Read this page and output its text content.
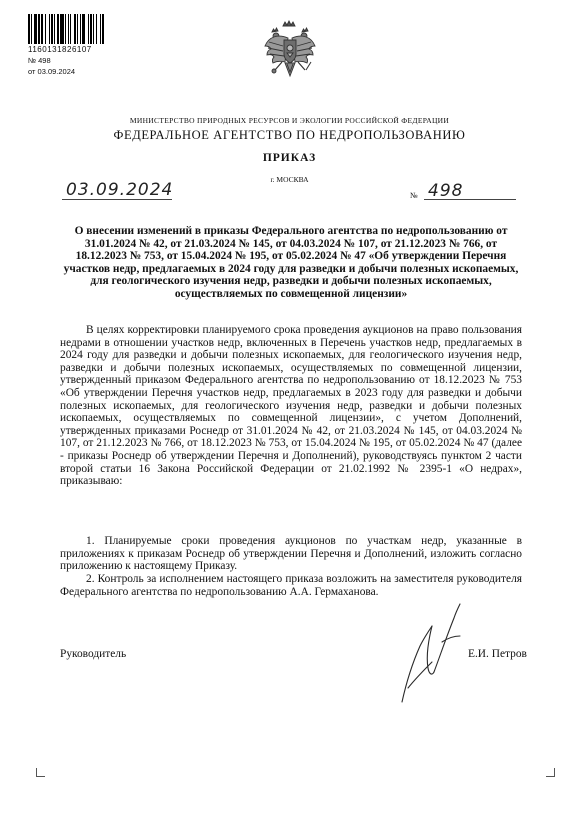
1160131826107
№ 498
от 03.09.2024
МИНИСТЕРСТВО ПРИРОДНЫХ РЕСУРСОВ И ЭКОЛОГИИ РОССИЙСКОЙ ФЕДЕРАЦИИ
ФЕДЕРАЛЬНОЕ АГЕНТСТВО ПО НЕДРОПОЛЬЗОВАНИЮ
ПРИКАЗ
г. МОСКВА
03.09.2024	№ 498
О внесении изменений в приказы Федерального агентства по недропользованию от 31.01.2024 № 42, от 21.03.2024 № 145, от 04.03.2024 № 107, от 21.12.2023 № 766, от 18.12.2023 № 753, от 15.04.2024 № 195, от 05.02.2024 № 47 «Об утверждении Перечня участков недр, предлагаемых в 2024 году для разведки и добычи полезных ископаемых, для геологического изучения недр, разведки и добычи полезных ископаемых, осуществляемых по совмещенной лицензии»
В целях корректировки планируемого срока проведения аукционов на право пользования недрами в отношении участков недр, включенных в Перечень участков недр, предлагаемых в 2024 году для разведки и добычи полезных ископаемых, для геологического изучения недр, разведки и добычи полезных ископаемых, осуществляемых по совмещенной лицензии, утвержденный приказом Федерального агентства по недропользованию от 18.12.2023 № 753 «Об утверждении Перечня участков недр, предлагаемых в 2023 году для разведки и добычи полезных ископаемых, для геологического изучения недр, разведки и добычи полезных ископаемых, осуществляемых по совмещенной лицензии», с учетом Дополнений, утвержденных приказами Роснедр от 31.01.2024 № 42, от 21.03.2024 № 145, от 04.03.2024 № 107, от 21.12.2023 № 766, от 18.12.2023 № 753, от 15.04.2024 № 195, от 05.02.2024 № 47 (далее - приказы Роснедр об утверждении Перечня и Дополнений), руководствуясь пунктом 2 части второй статьи 16 Закона Российской Федерации от 21.02.1992 № 2395-1 «О недрах», приказываю:
1. Планируемые сроки проведения аукционов по участкам недр, указанные в приложениях к приказам Роснедр об утверждении Перечня и Дополнений, изложить согласно приложению к настоящему Приказу.
2. Контроль за исполнением настоящего приказа возложить на заместителя руководителя Федерального агентства по недропользованию А.А. Гермаханова.
Руководитель	Е.И. Петров
